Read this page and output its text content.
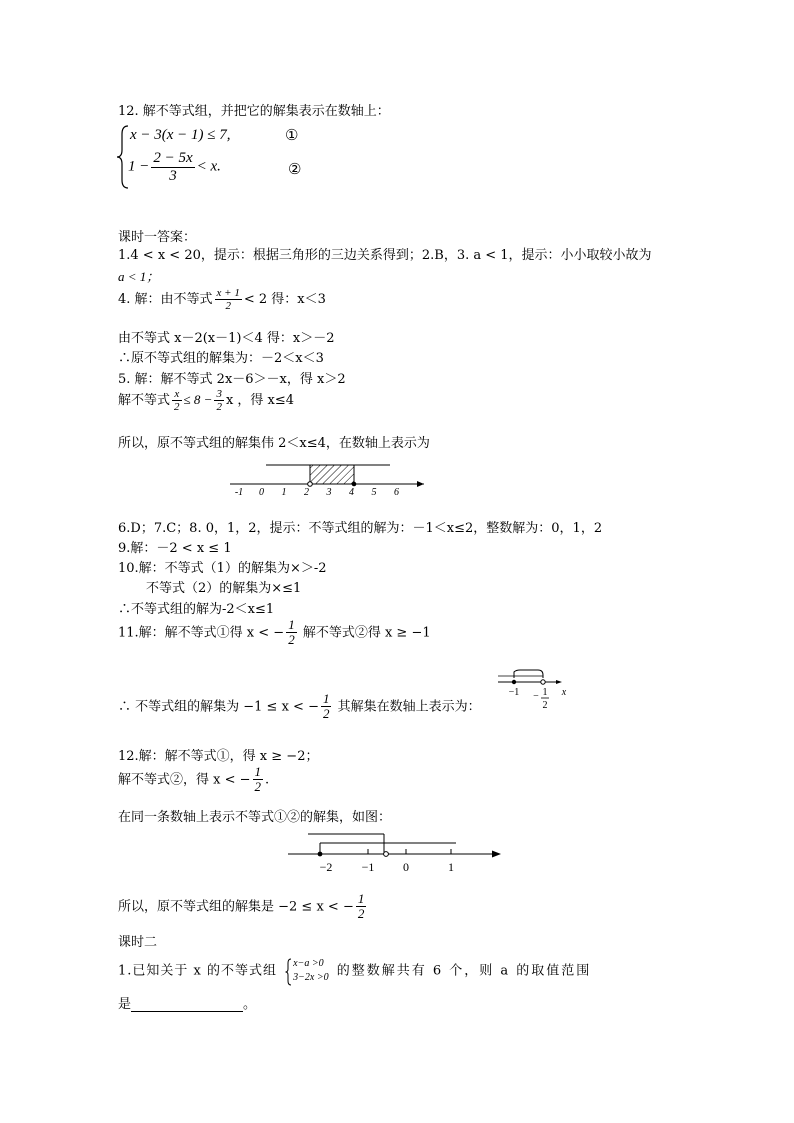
12. 解不等式组，并把它的解集表示在数轴上：
x − 3(x − 1) ≤ 7,	①
$1 - \frac{2 - 5x}{3} < x$.	②
课时一答案：
1.4 < x < 20，提示：根据三角形的三边关系得到；2.B，3. a < 1，提示：小小取较小故为
a < 1；
4. 解：由不等式 $\frac{x + 1}{2} < 2$ 得：x＜3
由不等式 x－2(x－1)＜4 得：x＞－2
∴原不等式组的解集为：－2＜x＜3
5. 解：解不等式 2x－6＞－x，得 x＞2
解不等式 $\frac{x}{2} \le 8 - \frac{3}{2}$ x ，得 x≤4
所以，原不等式组的解集伟 2＜x≤4，在数轴上表示为
-1 0 1 2 3 4 5 6
6.D；7.C；8. 0，1，2，提示：不等式组的解为：－1＜x≤2，整数解为：0，1，2
9.解：－2 < x ≤ 1
10.解：不等式（1）的解集为×＞-2
不等式（2）的解集为×≤1
∴不等式组的解为-2＜x≤1
11.解：解不等式①得 x < − $\frac{1}{2}$ 解不等式②得 x ≥ −1
−1 − 1
2
x
∴ 不等式组的解集为 −1 ≤ x < − $\frac{1}{2}$ 其解集在数轴上表示为：
12.解：解不等式①，得 x ≥ −2；
解不等式②，得 x < − $\frac{1}{2}$ .
在同一条数轴上表示不等式①②的解集，如图：
−2 −1 0	1
所以，原不等式组的解集是 −2 ≤ x < − $\frac{1}{2}$
课时二
1.已知关于 x 的不等式组 x−a >0
3−2x >0 的整数解共有 6 个，则 a 的取值范围
是	。
